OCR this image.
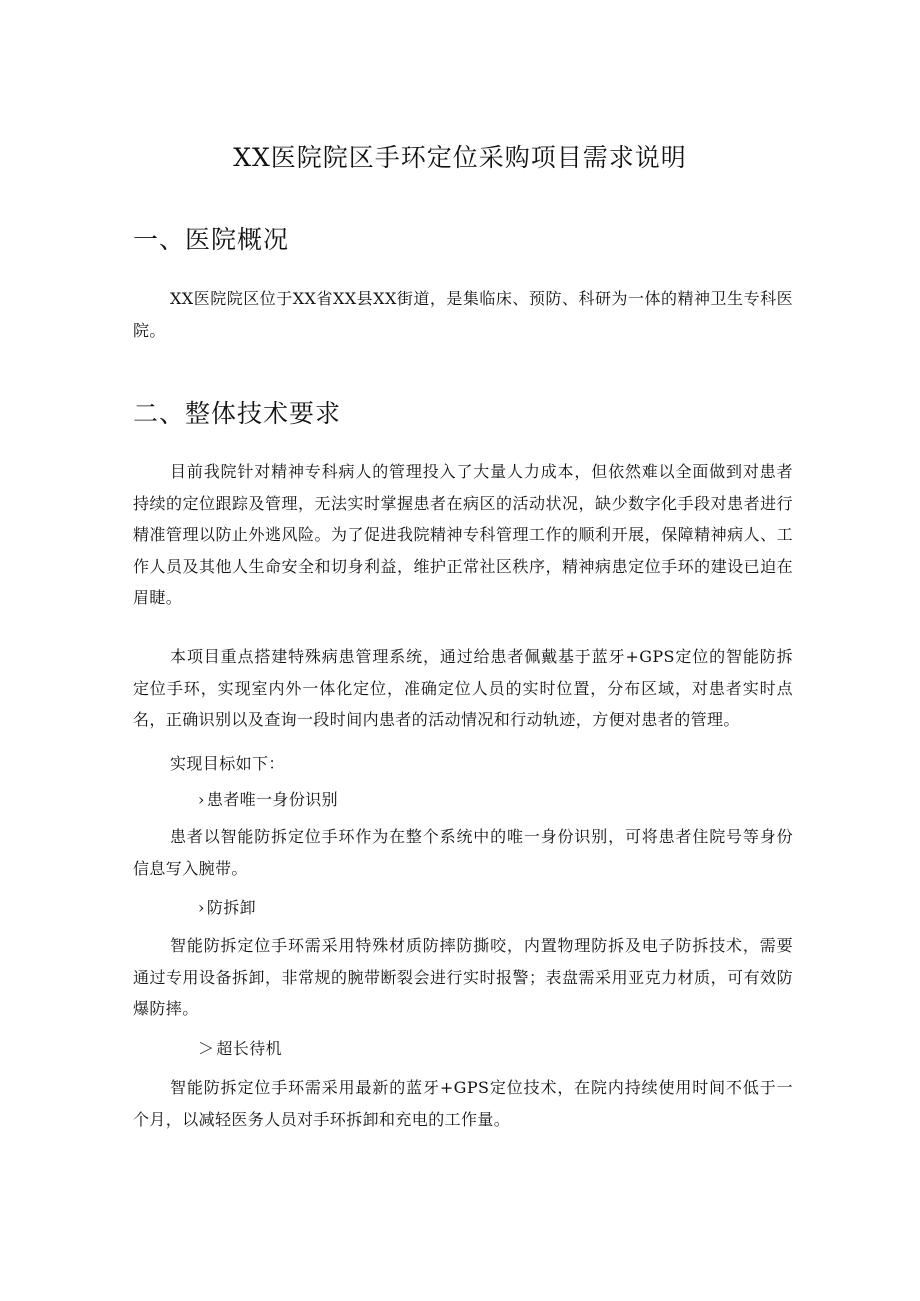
XX医院院区手环定位采购项目需求说明
一、医院概况

XX医院院区位于XX省XX县XX街道，是集临床、预防、科研为一体的精神卫生专科医院。

二、整体技术要求

目前我院针对精神专科病人的管理投入了大量人力成本，但依然难以全面做到对患者持续的定位跟踪及管理，无法实时掌握患者在病区的活动状况，缺少数字化手段对患者进行精准管理以防止外逃风险。为了促进我院精神专科管理工作的顺利开展，保障精神病人、工作人员及其他人生命安全和切身利益，维护正常社区秩序，精神病患定位手环的建设已迫在眉睫。

本项目重点搭建特殊病患管理系统，通过给患者佩戴基于蓝牙+GPS定位的智能防拆定位手环，实现室内外一体化定位，准确定位人员的实时位置，分布区域，对患者实时点名，正确识别以及查询一段时间内患者的活动情况和行动轨迹，方便对患者的管理。

实现目标如下：

› 患者唯一身份识别

患者以智能防拆定位手环作为在整个系统中的唯一身份识别，可将患者住院号等身份信息写入腕带。

› 防拆卸

智能防拆定位手环需采用特殊材质防摔防撕咬，内置物理防拆及电子防拆技术，需要通过专用设备拆卸，非常规的腕带断裂会进行实时报警；表盘需采用亚克力材质，可有效防爆防摔。

＞ 超长待机

智能防拆定位手环需采用最新的蓝牙+GPS定位技术，在院内持续使用时间不低于一个月，以减轻医务人员对手环拆卸和充电的工作量。
